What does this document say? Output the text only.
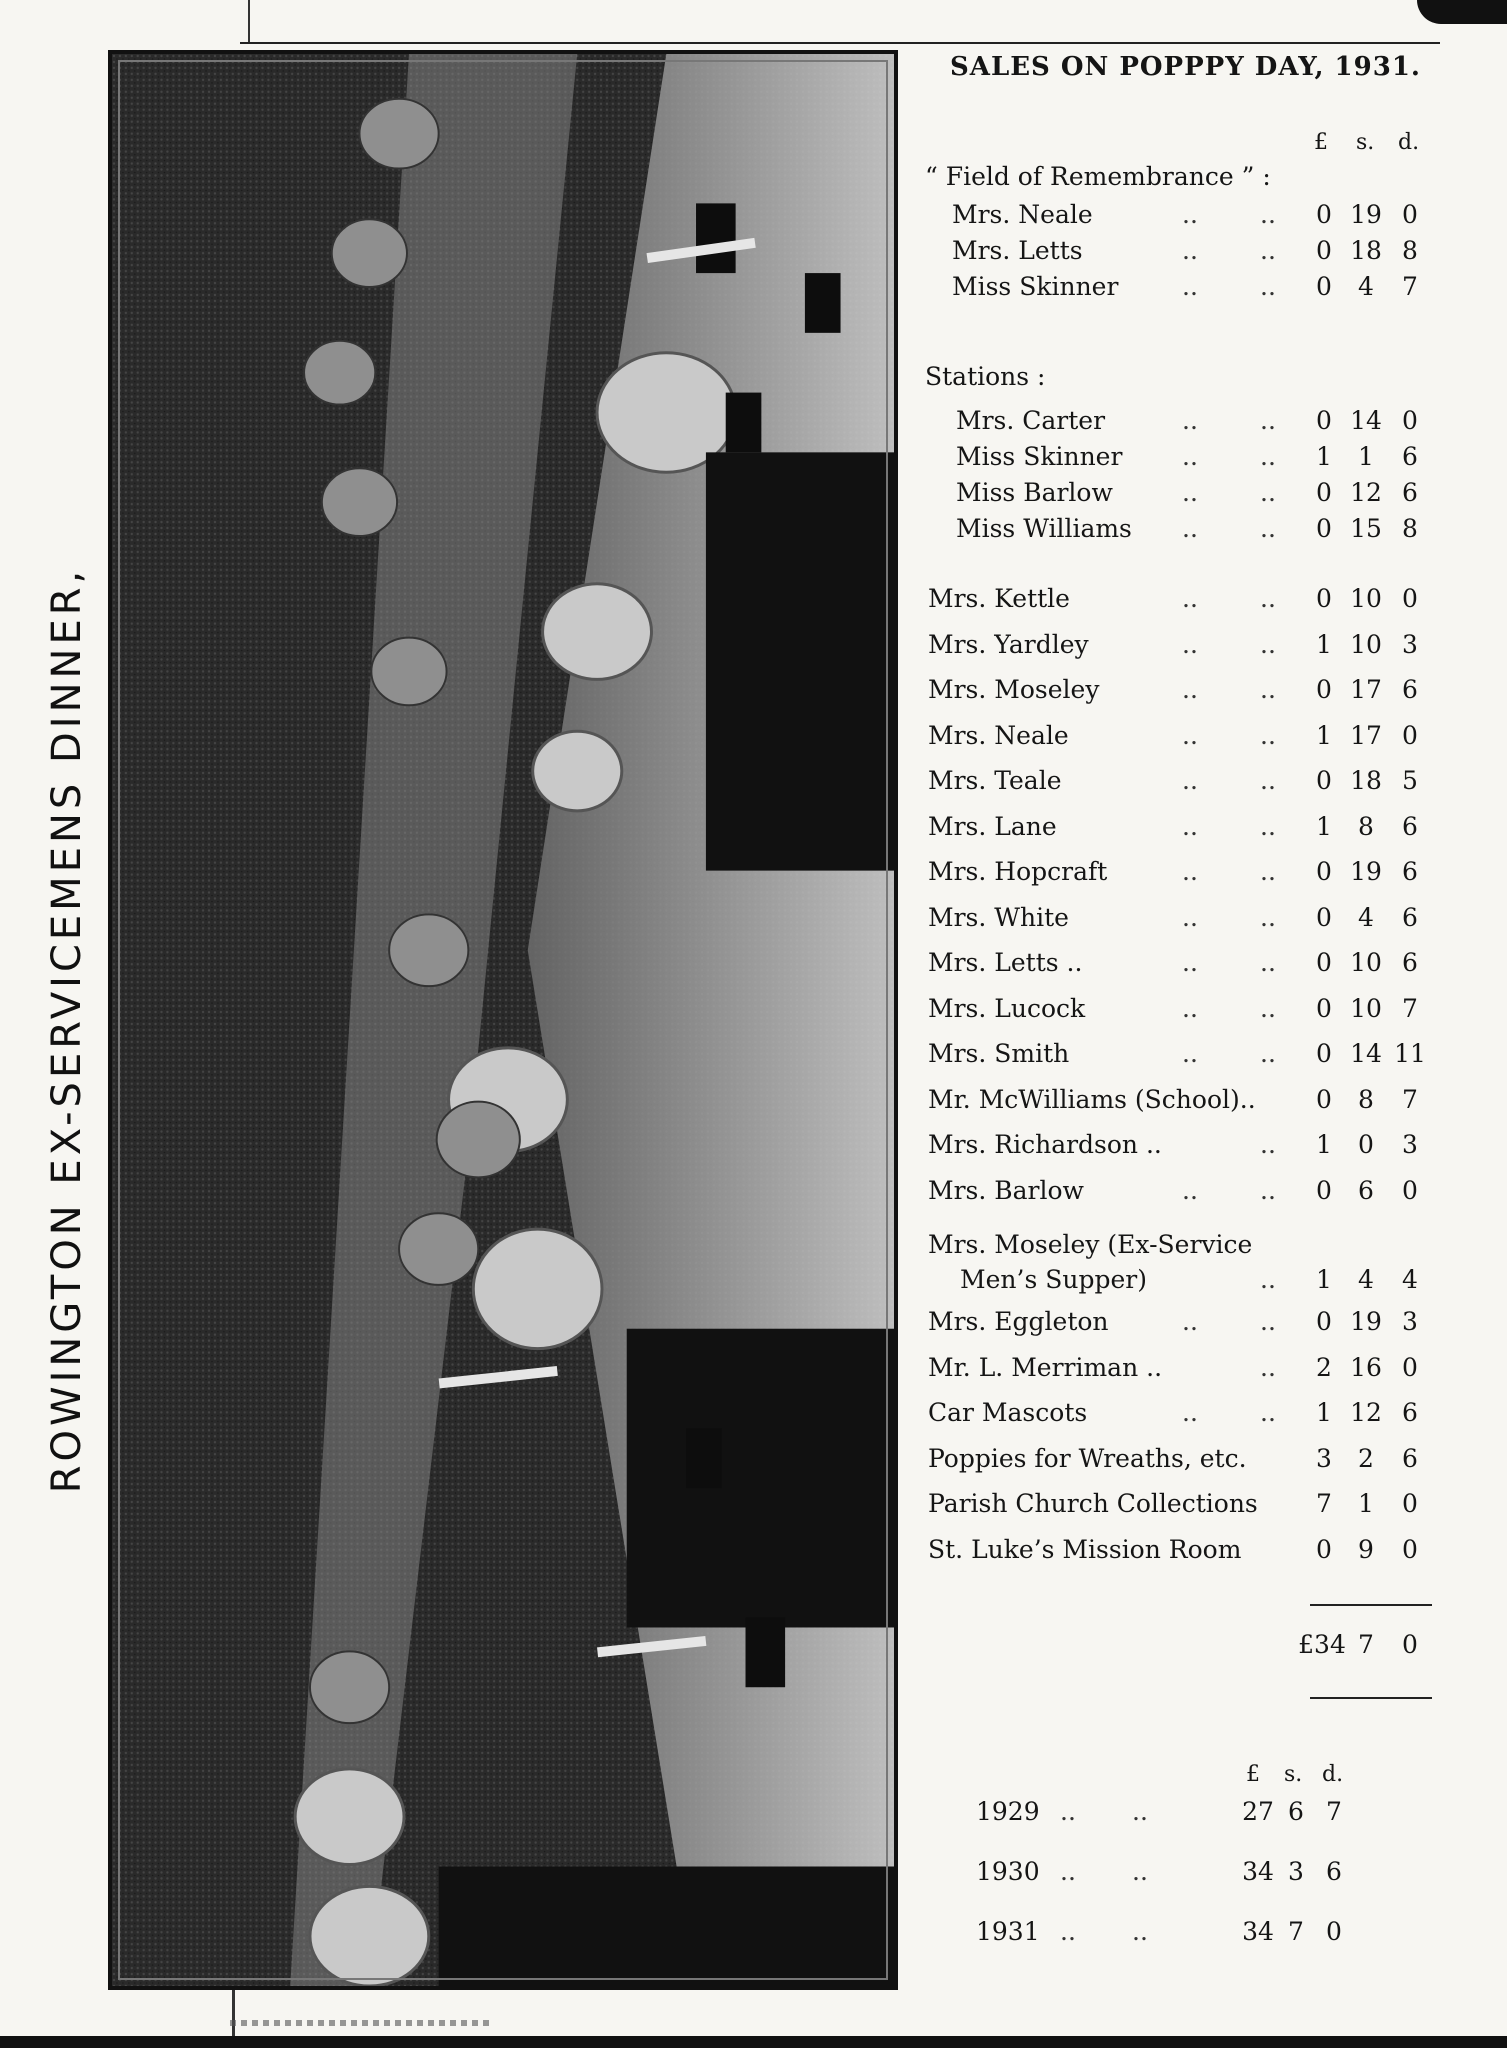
ROWINGTON EX-SERVICEMENS DINNER,
SALES ON POPPPY DAY, 1931.
£ s. d.
“ Field of Remembrance ” :
Mrs. Neale	.. ..	0 19 0
Mrs. Letts	.. ..	0 18 8
Miss Skinner	.. ..	0	4	7
Stations :
Mrs. Carter	.. ..	0 14 0
Miss Skinner .. ..	1	1	6
Miss Barlow	.. ..	0 12 6
Miss Williams .. ..	0 15 8
Mrs. Kettle	.. ..	0 10 0
Mrs. Yardley	.. ..	1 10 3
Mrs. Moseley	.. ..	0 17 6
Mrs. Neale	.. ..	1 17 0
Mrs. Teale	.. ..	0 18 5
Mrs. Lane	.. ..	1	8	6
Mrs. Hopcraft	.. ..	0 19 6
Mrs. White	.. ..	0	4	6
Mrs. Letts ..	.. ..	0 10 6
Mrs. Lucock	.. ..	0 10 7
Mrs. Smith	.. ..	0 14 11
Mr. McWilliams (School)..	0	8	7
Mrs. Richardson ..	..	1	0	3
Mrs. Barlow	.. ..	0	6	0
Mrs. Moseley (Ex-Service
Men’s Supper)	..	1	4	4
Mrs. Eggleton	.. ..	0 19 3
Mr. L. Merriman ..	..	2 16 0
Car Mascots	.. ..	1 12 6
Poppies for Wreaths, etc.	3	2	6
Parish Church Collections	7	1	0
St. Luke’s Mission Room	0	9	0
£34 7	0
£ s. d.
1929 .. ..	27 6 7
1930 .. ..	34 3 6
1931 .. ..	34 7 0
